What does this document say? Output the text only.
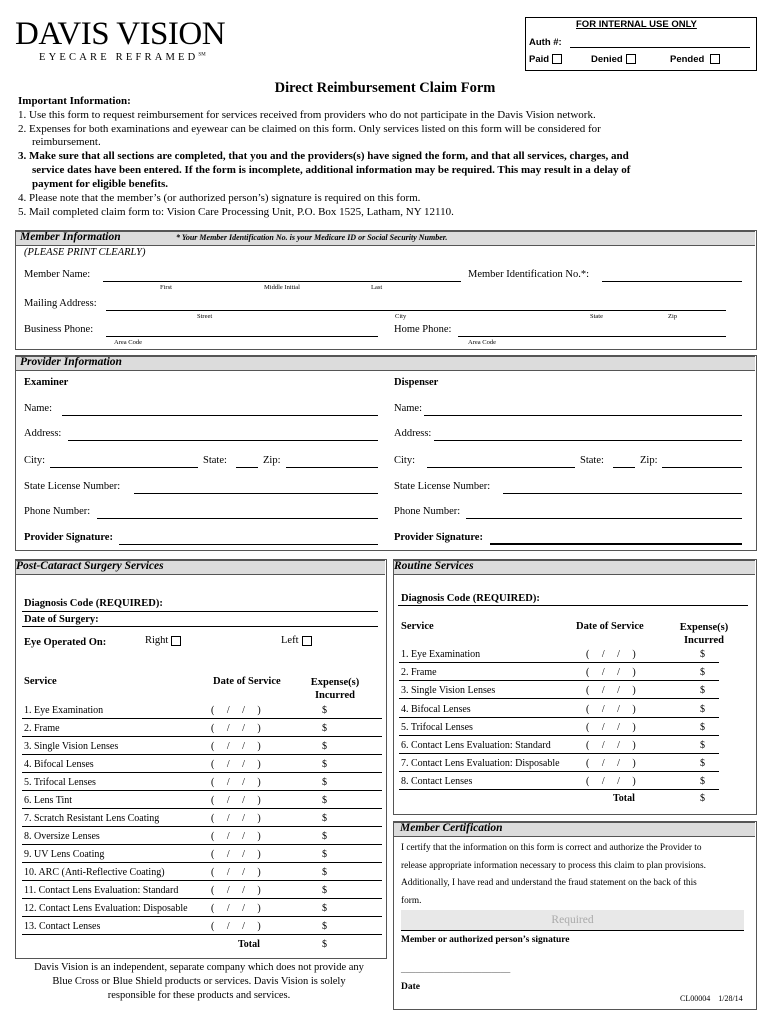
DAVIS VISION
EYECARE REFRAMED℠
FOR INTERNAL USE ONLY
Auth #:
Paid	Denied	Pended
Direct Reimbursement Claim Form
Important Information:
1. Use this form to request reimbursement for services received from providers who do not participate in the Davis Vision network.
2. Expenses for both examinations and eyewear can be claimed on this form. Only services listed on this form will be considered for
reimbursement.
3. Make sure that all sections are completed, that you and the providers(s) have signed the form, and that all services, charges, and
service dates have been entered. If the form is incomplete, additional information may be required. This may result in a delay of
payment for eligible benefits.
4. Please note that the member’s (or authorized person’s) signature is required on this form.
5. Mail completed claim form to: Vision Care Processing Unit, P.O. Box 1525, Latham, NY 12110.
Member Information	* Your Member Identification No. is your Medicare ID or Social Security Number.
(PLEASE PRINT CLEARLY)
Member Name:
First	Middle Initial	Last
Member Identification No.*:
Mailing Address:
Street	City	State	Zip
Business Phone:
Area Code
Home Phone:
Area Code
Provider Information
Examiner	Dispenser
Name:	Name:
Address:	Address:
City:	State:	Zip:	City:	State:	Zip:
State License Number:	State License Number:
Phone Number:	Phone Number:
Provider Signature:	Provider Signature:
Post-Cataract Surgery Services
Diagnosis Code (REQUIRED):
Date of Surgery:
Eye Operated On:	Right	Left
Service	Date of Service	Expense(s)
Incurred
1. Eye Examination	(     /     /     )	$
2. Frame	(     /     /     )	$
3. Single Vision Lenses	(     /     /     )	$
4. Bifocal Lenses	(     /     /     )	$
5. Trifocal Lenses	(     /     /     )	$
6. Lens Tint	(     /     /     )	$
7. Scratch Resistant Lens Coating	(     /     /     )	$
8. Oversize Lenses	(     /     /     )	$
9. UV Lens Coating	(     /     /     )	$
10. ARC (Anti-Reflective Coating)	(     /     /     )	$
11. Contact Lens Evaluation: Standard	(     /     /     )	$
12. Contact Lens Evaluation: Disposable (     /     /     )	$
13. Contact Lenses	(     /     /     )	$
Total	$
Davis Vision is an independent, separate company which does not provide any
Blue Cross or Blue Shield products or services. Davis Vision is solely
responsible for these products and services.
Routine Services
Diagnosis Code (REQUIRED):
Service	Date of Service	Expense(s)
Incurred
1. Eye Examination	(     /     /     )	$
2. Frame	(     /     /     )	$
3. Single Vision Lenses	(     /     /     )	$
4. Bifocal Lenses	(     /     /     )	$
5. Trifocal Lenses	(     /     /     )	$
6. Contact Lens Evaluation: Standard	(     /     /     )	$
7. Contact Lens Evaluation: Disposable	(     /     /     )	$
8. Contact Lenses	(     /     /     )	$
Total	$
Member Certification
I certify that the information on this form is correct and authorize the Provider to
release appropriate information necessary to process this claim to plan provisions.
Additionally, I have read and understand the fraud statement on the back of this
form.
Required
Member or authorized person’s signature
_______________________
Date
CL00004    1/28/14
